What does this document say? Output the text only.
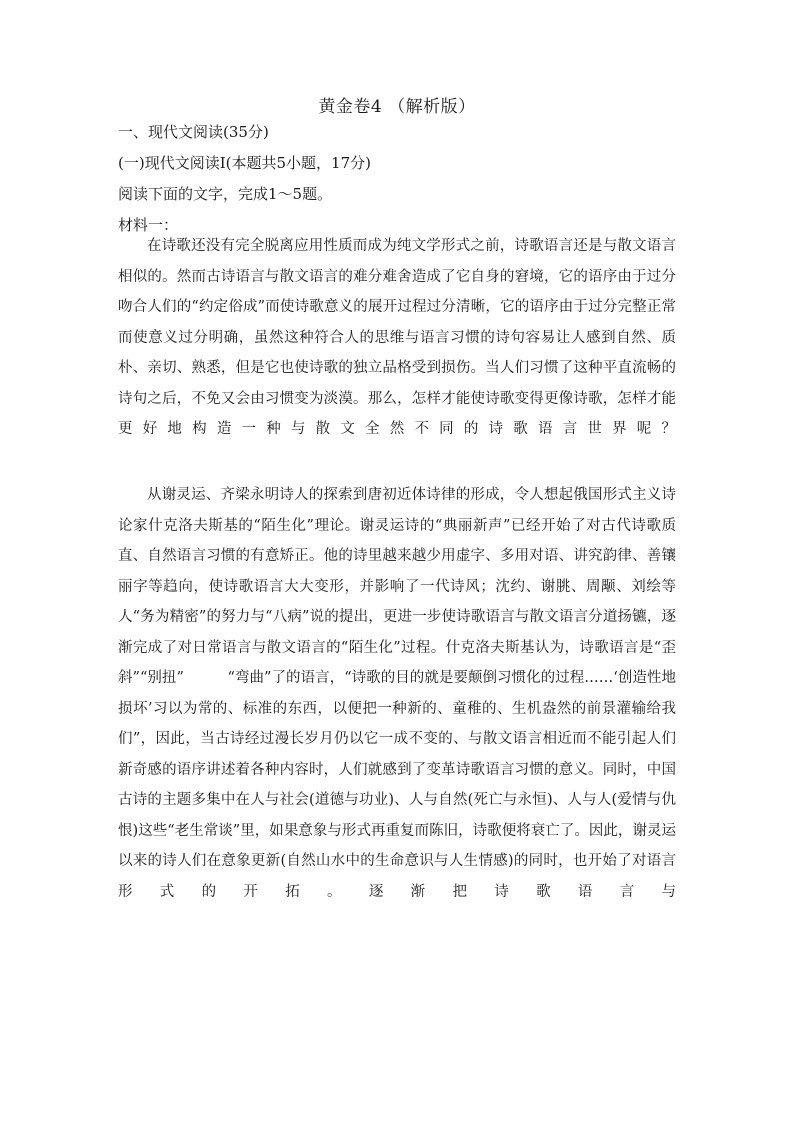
黄金卷4 （解析版）
一、现代文阅读(35分)
(一)现代文阅读Ⅰ(本题共5小题，17分)
阅读下面的文字，完成1～5题。
材料一：

在诗歌还没有完全脱离应用性质而成为纯文学形式之前，诗歌语言还是与散文语言相似的。然而古诗语言与散文语言的难分难舍造成了它自身的窘境，它的语序由于过分吻合人们的“约定俗成”而使诗歌意义的展开过程过分清晰，它的语序由于过分完整正常而使意义过分明确，虽然这种符合人的思维与语言习惯的诗句容易让人感到自然、质朴、亲切、熟悉，但是它也使诗歌的独立品格受到损伤。当人们习惯了这种平直流畅的诗句之后，不免又会由习惯变为淡漠。那么，怎样才能使诗歌变得更像诗歌，怎样才能更好地构造一种与散文全然不同的诗歌语言世界呢？

从谢灵运、齐梁永明诗人的探索到唐初近体诗律的形成，令人想起俄国形式主义诗论家什克洛夫斯基的“陌生化”理论。谢灵运诗的“典丽新声”已经开始了对古代诗歌质直、自然语言习惯的有意矫正。他的诗里越来越少用虚字、多用对语、讲究韵律、善镶丽字等趋向，使诗歌语言大大变形，并影响了一代诗风；沈约、谢朓、周颙、刘绘等人“务为精密”的努力与“八病”说的提出，更进一步使诗歌语言与散文语言分道扬镳，逐渐完成了对日常语言与散文语言的“陌生化”过程。什克洛夫斯基认为，诗歌语言是“歪斜”“别扭”　　　“弯曲”了的语言，“诗歌的目的就是要颠倒习惯化的过程……‘创造性地损坏’习以为常的、标准的东西，以便把一种新的、童稚的、生机盎然的前景灌输给我们”，因此，当古诗经过漫长岁月仍以它一成不变的、与散文语言相近而不能引起人们新奇感的语序讲述着各种内容时，人们就感到了变革诗歌语言习惯的意义。同时，中国古诗的主题多集中在人与社会(道德与功业)、人与自然(死亡与永恒)、人与人(爱情与仇恨)这些“老生常谈”里，如果意象与形式再重复而陈旧，诗歌便将衰亡了。因此，谢灵运以来的诗人们在意象更新(自然山水中的生命意识与人生情感)的同时，也开始了对语言形式的开拓。逐渐把诗歌语言与
